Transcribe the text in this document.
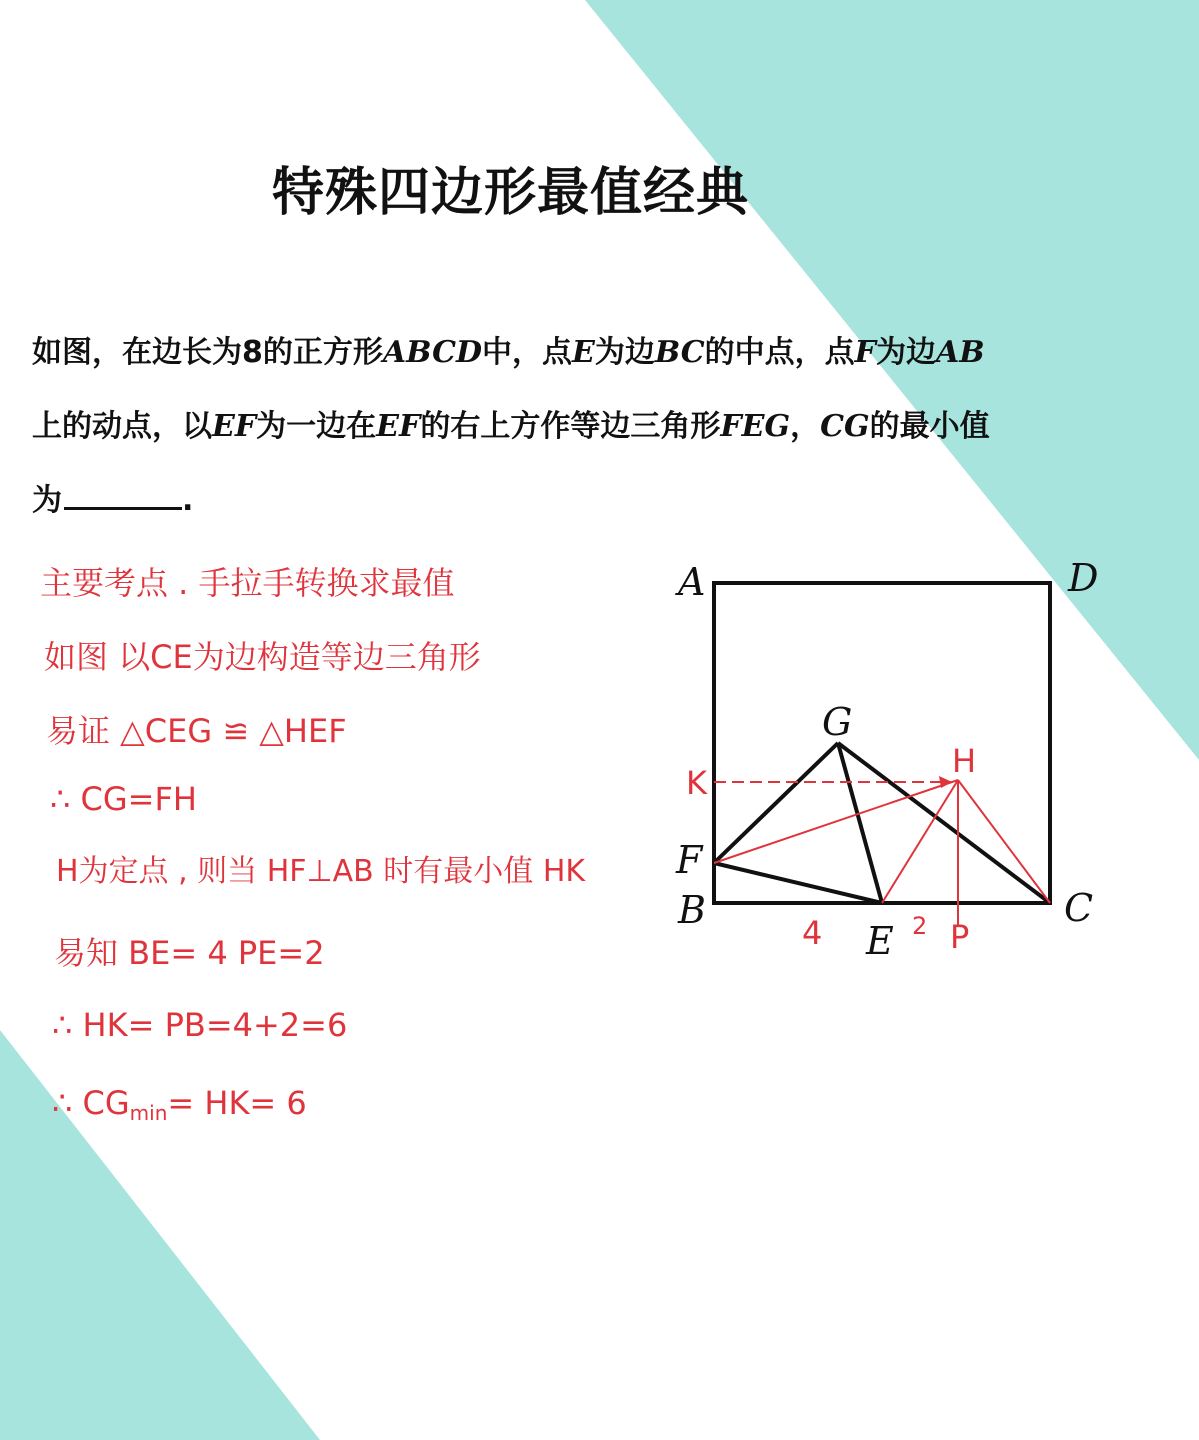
特殊四边形最值经典
如图，在边长为8的正方形ABCD中，点E为边BC的中点，点F为边AB
上的动点，以EF为一边在EF的右上方作等边三角形FEG，CG的最小值
为	.
主要考点 . 手拉手转换求最值
如图 以CE为边构造等边三角形
易证 △CEG ≌ △HEF
∴ CG=FH
H为定点 , 则当 HF⊥AB 时有最小值 HK
易知 BE= 4 PE=2
∴ HK= PB=4+2=6
∴ $CG_{min}= HK= 6$
A	D
B	C
E
F
G
H
K
P
4	2
